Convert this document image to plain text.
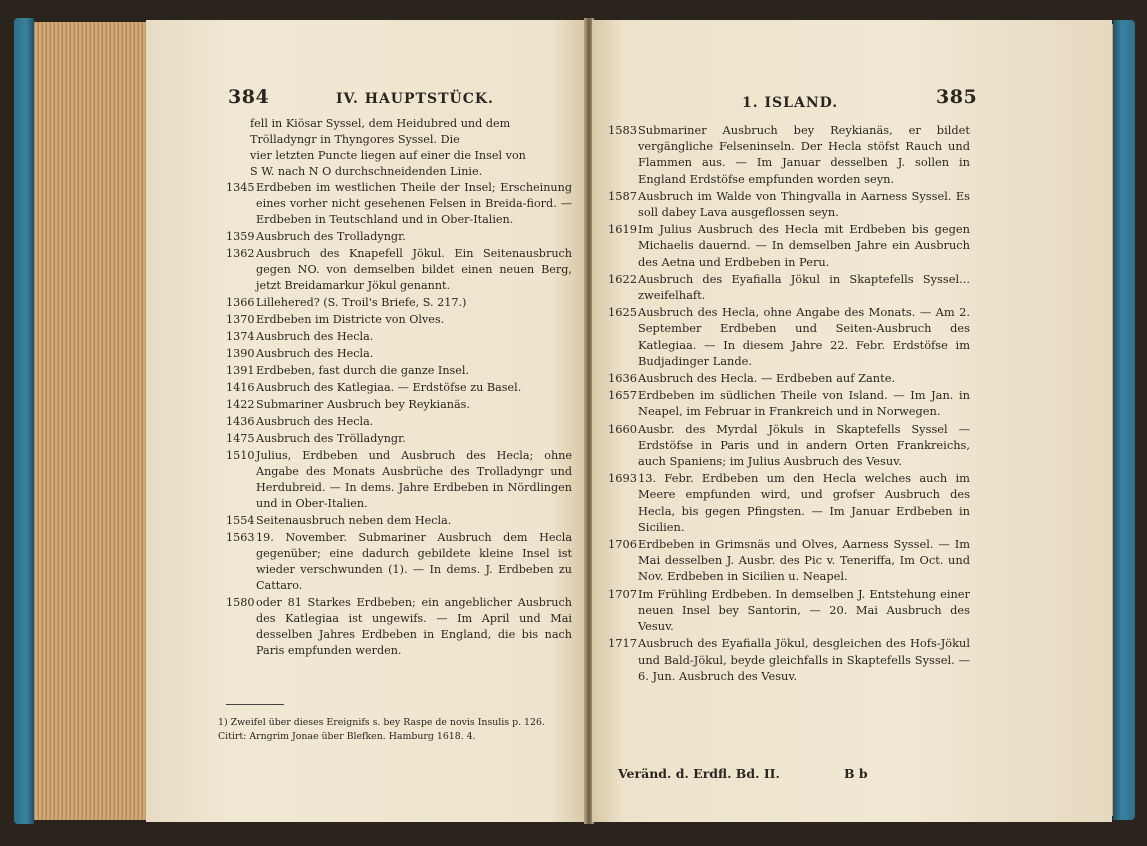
384	IV. HAUPTSTÜCK.
fell in Kiösar Syssel, dem Heidubred und dem
Trölladyngr in Thyngores Syssel. Die
vier letzten Puncte liegen auf einer die Insel von
S W. nach N O durchschneidenden Linie.
1345 Erdbeben im westlichen Theile der Insel; Erscheinung eines vorher nicht gesehenen Felsen in Breida-fiord. — Erdbeben in Teutschland und in Ober-Italien.
1359 Ausbruch des Trolladyngr.
1362 Ausbruch des Knapefell Jökul. Ein Seitenausbruch gegen NO. von demselben bildet einen neuen Berg, jetzt Breidamarkur Jökul genannt.
1366 Lillehered? (S. Troil's Briefe, S. 217.)
1370 Erdbeben im Districte von Olves.
1374 Ausbruch des Hecla.
1390 Ausbruch des Hecla.
1391 Erdbeben, fast durch die ganze Insel.
1416 Ausbruch des Katlegiaa. — Erdstöfse zu Basel.
1422 Submariner Ausbruch bey Reykianäs.
1436 Ausbruch des Hecla.
1475 Ausbruch des Trölladyngr.
1510 Julius, Erdbeben und Ausbruch des Hecla; ohne Angabe des Monats Ausbrüche des Trolladyngr und Herdubreid. — In dems. Jahre Erdbeben in Nördlingen und in Ober-Italien.
1554 Seitenausbruch neben dem Hecla.
1563 19. November. Submariner Ausbruch dem Hecla gegenüber; eine dadurch gebildete kleine Insel ist wieder verschwunden (1). — In dems. J. Erdbeben zu Cattaro.
1580 oder 81 Starkes Erdbeben; ein angeblicher Ausbruch des Katlegiaa ist ungewifs. — Im April und Mai desselben Jahres Erdbeben in England, die bis nach Paris empfunden werden.
1) Zweifel über dieses Ereignifs s. bey Raspe de novis Insulis p. 126. Citirt: Arngrim Jonae über Blefken. Hamburg 1618. 4.
1. ISLAND.	385
1583 Submariner Ausbruch bey Reykianäs, er bildet vergängliche Felseninseln. Der Hecla stöfst Rauch und Flammen aus. — Im Januar desselben J. sollen in England Erdstöfse empfunden worden seyn.
1587 Ausbruch im Walde von Thingvalla in Aarness Syssel. Es soll dabey Lava ausgeflossen seyn.
1619 Im Julius Ausbruch des Hecla mit Erdbeben bis gegen Michaelis dauernd. — In demselben Jahre ein Ausbruch des Aetna und Erdbeben in Peru.
1622 Ausbruch des Eyafialla Jökul in Skaptefells Syssel... zweifelhaft.
1625 Ausbruch des Hecla, ohne Angabe des Monats. — Am 2. September Erdbeben und Seiten-Ausbruch des Katlegiaa. — In diesem Jahre 22. Febr. Erdstöfse im Budjadinger Lande.
1636 Ausbruch des Hecla. — Erdbeben auf Zante.
1657 Erdbeben im südlichen Theile von Island. — Im Jan. in Neapel, im Februar in Frankreich und in Norwegen.
1660 Ausbr. des Myrdal Jökuls in Skaptefells Syssel — Erdstöfse in Paris und in andern Orten Frankreichs, auch Spaniens; im Julius Ausbruch des Vesuv.
1693 13. Febr. Erdbeben um den Hecla welches auch im Meere empfunden wird, und grofser Ausbruch des Hecla, bis gegen Pfingsten. — Im Januar Erdbeben in Sicilien.
1706 Erdbeben in Grimsnäs und Olves, Aarness Syssel. — Im Mai desselben J. Ausbr. des Pic v. Teneriffa, Im Oct. und Nov. Erdbeben in Sicilien u. Neapel.
1707 Im Frühling Erdbeben. In demselben J. Entstehung einer neuen Insel bey Santorin, — 20. Mai Ausbruch des Vesuv.
1717 Ausbruch des Eyafialla Jökul, desgleichen des Hofs-Jökul und Bald-Jökul, beyde gleichfalls in Skaptefells Syssel. — 6. Jun. Ausbruch des Vesuv.
Veränd. d. Erdfl. Bd. II.	B b
